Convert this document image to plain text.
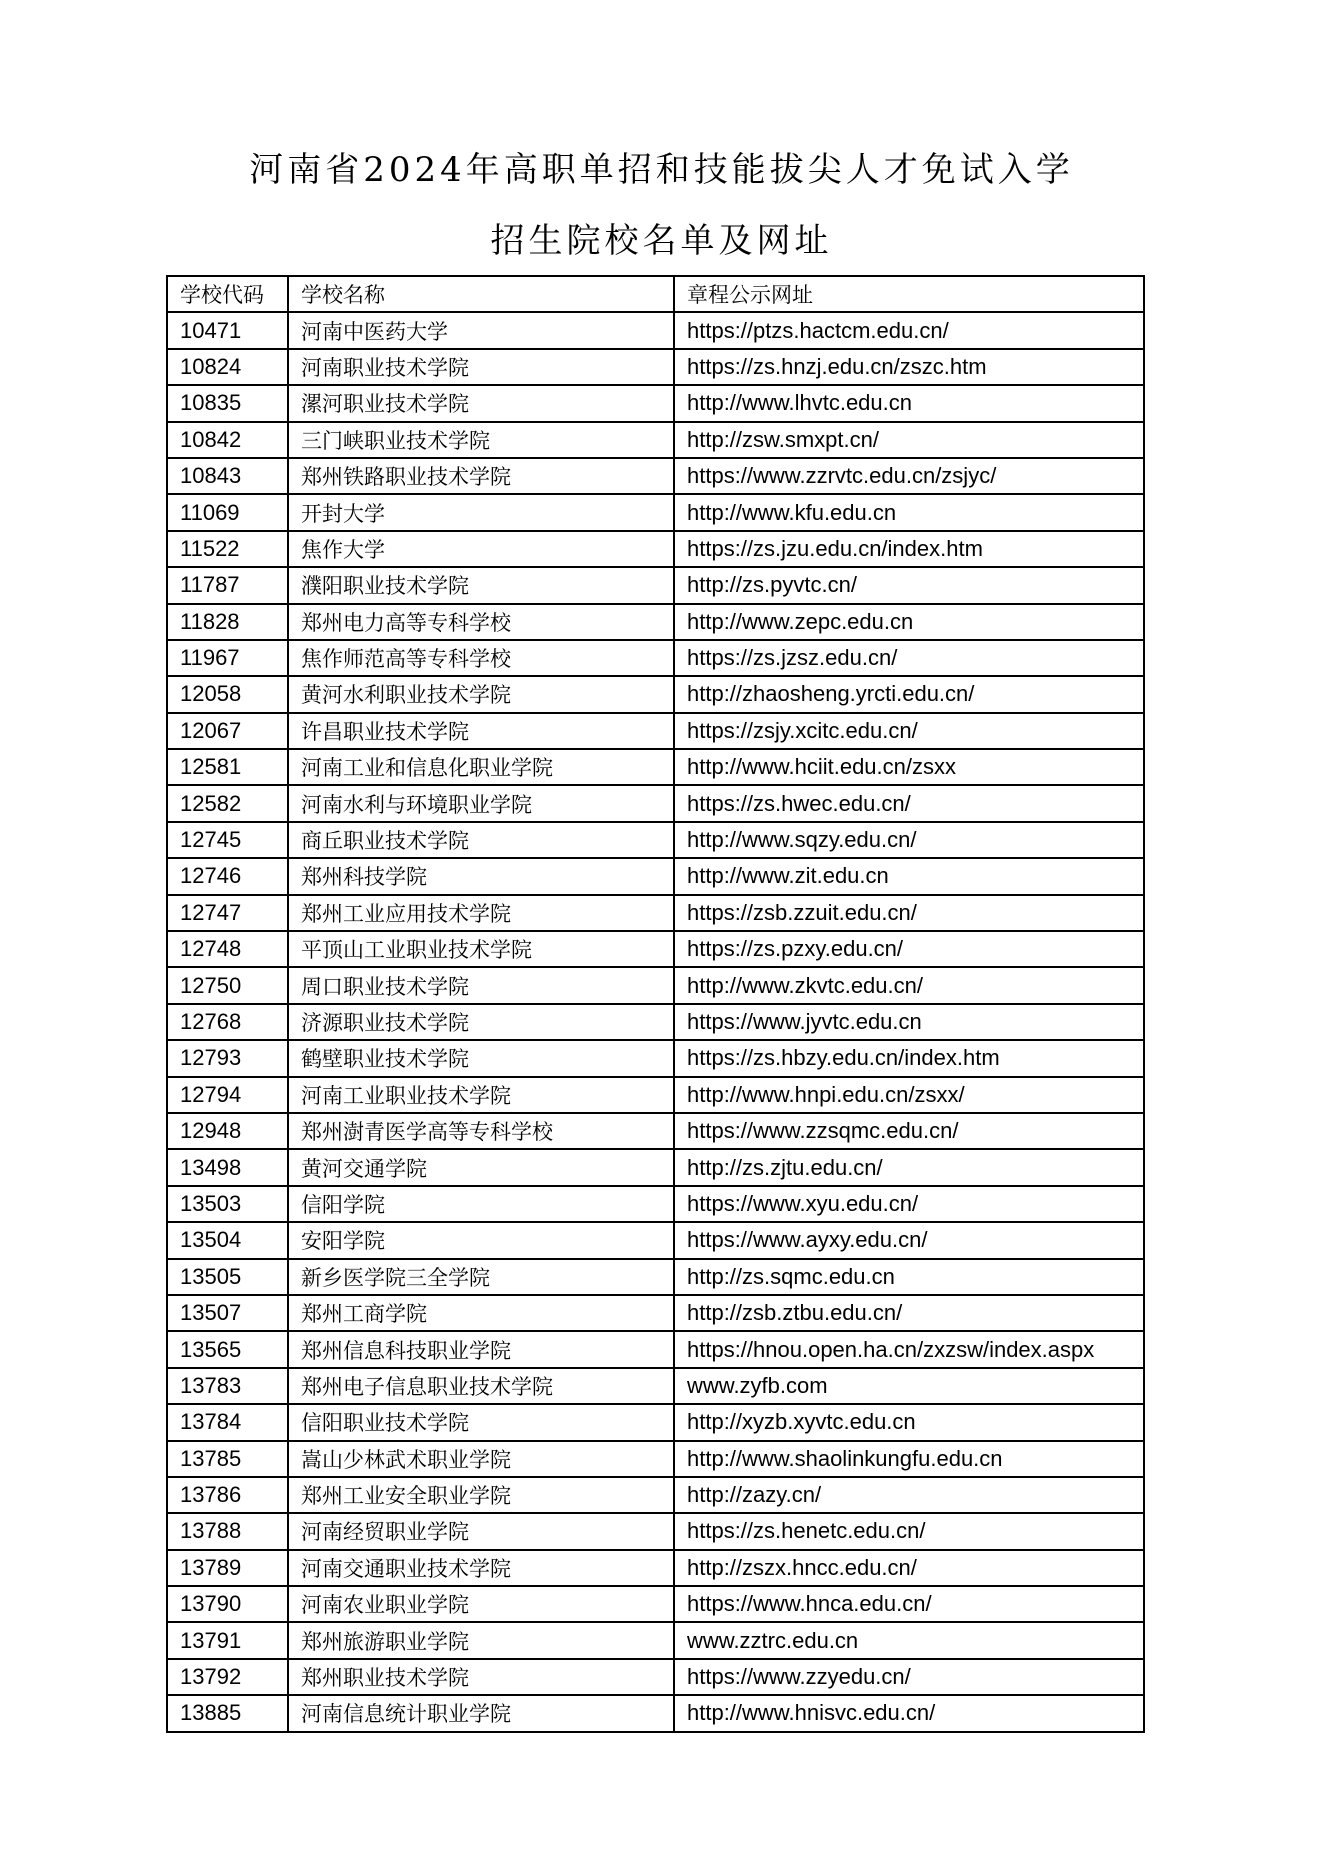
河南省2024年高职单招和技能拔尖人才免试入学
招生院校名单及网址
学校代码	学校名称	章程公示网址
10471	河南中医药大学	https://ptzs.hactcm.edu.cn/
10824	河南职业技术学院	https://zs.hnzj.edu.cn/zszc.htm
10835	漯河职业技术学院	http://www.lhvtc.edu.cn
10842	三门峡职业技术学院	http://zsw.smxpt.cn/
10843	郑州铁路职业技术学院	https://www.zzrvtc.edu.cn/zsjyc/
11069	开封大学	http://www.kfu.edu.cn
11522	焦作大学	https://zs.jzu.edu.cn/index.htm
11787	濮阳职业技术学院	http://zs.pyvtc.cn/
11828	郑州电力高等专科学校	http://www.zepc.edu.cn
11967	焦作师范高等专科学校	https://zs.jzsz.edu.cn/
12058	黄河水利职业技术学院	http://zhaosheng.yrcti.edu.cn/
12067	许昌职业技术学院	https://zsjy.xcitc.edu.cn/
12581	河南工业和信息化职业学院	http://www.hciit.edu.cn/zsxx
12582	河南水利与环境职业学院	https://zs.hwec.edu.cn/
12745	商丘职业技术学院	http://www.sqzy.edu.cn/
12746	郑州科技学院	http://www.zit.edu.cn
12747	郑州工业应用技术学院	https://zsb.zzuit.edu.cn/
12748	平顶山工业职业技术学院	https://zs.pzxy.edu.cn/
12750	周口职业技术学院	http://www.zkvtc.edu.cn/
12768	济源职业技术学院	https://www.jyvtc.edu.cn
12793	鹤壁职业技术学院	https://zs.hbzy.edu.cn/index.htm
12794	河南工业职业技术学院	http://www.hnpi.edu.cn/zsxx/
12948	郑州澍青医学高等专科学校	https://www.zzsqmc.edu.cn/
13498	黄河交通学院	http://zs.zjtu.edu.cn/
13503	信阳学院	https://www.xyu.edu.cn/
13504	安阳学院	https://www.ayxy.edu.cn/
13505	新乡医学院三全学院	http://zs.sqmc.edu.cn
13507	郑州工商学院	http://zsb.ztbu.edu.cn/
13565	郑州信息科技职业学院	https://hnou.open.ha.cn/zxzsw/index.aspx
13783	郑州电子信息职业技术学院	www.zyfb.com
13784	信阳职业技术学院	http://xyzb.xyvtc.edu.cn
13785	嵩山少林武术职业学院	http://www.shaolinkungfu.edu.cn
13786	郑州工业安全职业学院	http://zazy.cn/
13788	河南经贸职业学院	https://zs.henetc.edu.cn/
13789	河南交通职业技术学院	http://zszx.hncc.edu.cn/
13790	河南农业职业学院	https://www.hnca.edu.cn/
13791	郑州旅游职业学院	www.zztrc.edu.cn
13792	郑州职业技术学院	https://www.zzyedu.cn/
13885	河南信息统计职业学院	http://www.hnisvc.edu.cn/
